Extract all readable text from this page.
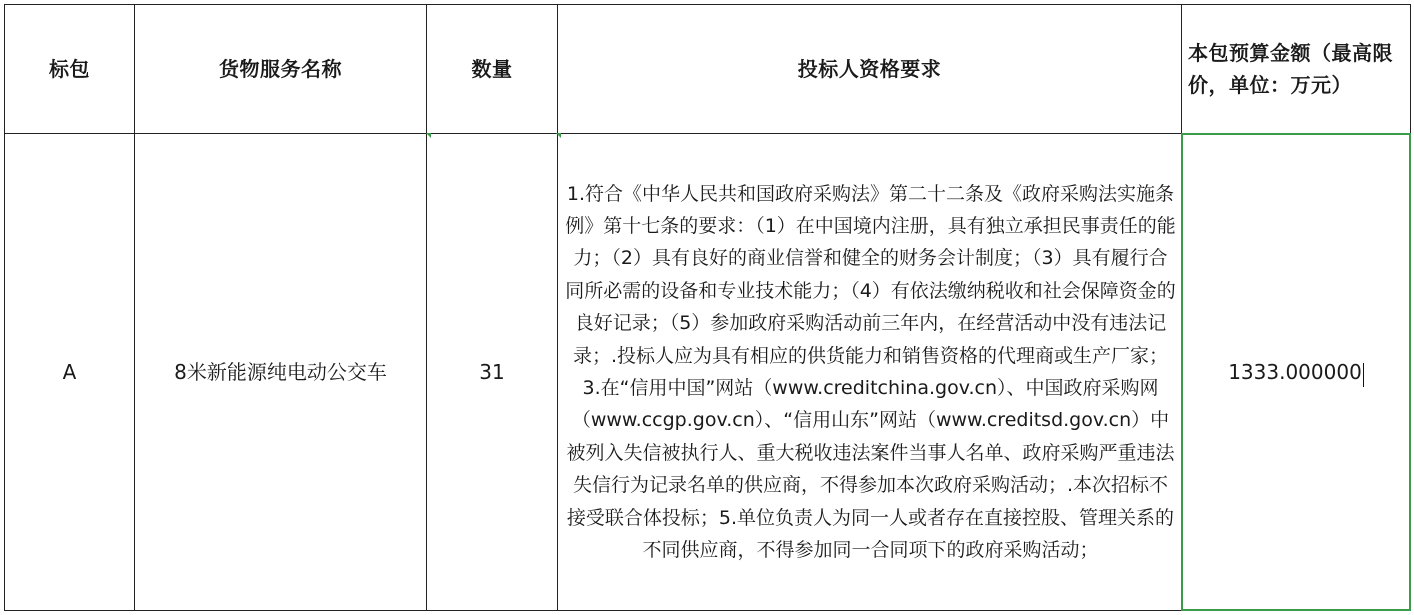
标包	货物服务名称	数量	投标人资格要求	本包预算金额（最高限价，单位：万元）

A	8米新能源纯电动公交车	31	1.符合《中华人民共和国政府采购法》第二十二条及《政府采购法实施条例》第十七条的要求：（1）在中国境内注册，具有独立承担民事责任的能力；（2）具有良好的商业信誉和健全的财务会计制度；（3）具有履行合同所必需的设备和专业技术能力；（4）有依法缴纳税收和社会保障资金的良好记录；（5）参加政府采购活动前三年内，在经营活动中没有违法记录；.投标人应为具有相应的供货能力和销售资格的代理商或生产厂家；3.在“信用中国”网站（www.creditchina.gov.cn）、中国政府采购网（www.ccgp.gov.cn）、“信用山东”网站（www.creditsd.gov.cn）中被列入失信被执行人、重大税收违法案件当事人名单、政府采购严重违法失信行为记录名单的供应商，不得参加本次政府采购活动；.本次招标不接受联合体投标；5.单位负责人为同一人或者存在直接控股、管理关系的不同供应商，不得参加同一合同项下的政府采购活动；	1333.000000
